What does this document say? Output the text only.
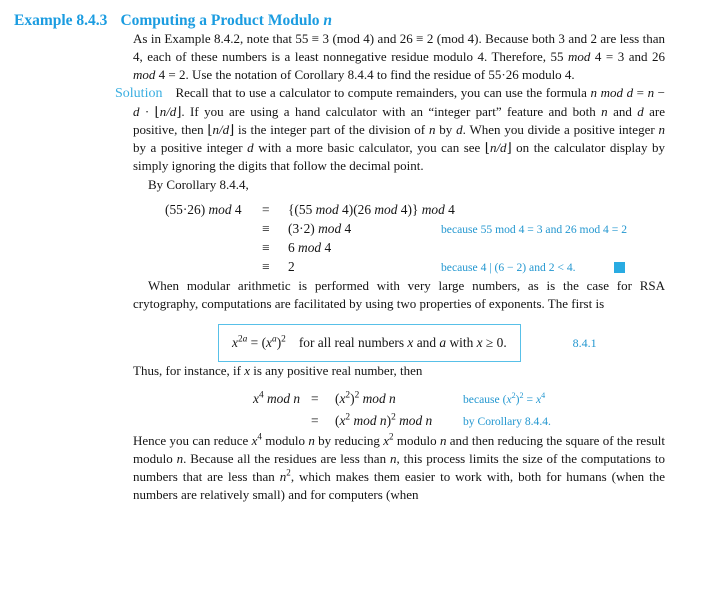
Example 8.4.3 Computing a Product Modulo n

As in Example 8.4.2, note that 55 ≡ 3 (mod 4) and 26 ≡ 2 (mod 4). Because both 3 and 2 are less than 4, each of these numbers is a least nonnegative residue modulo 4. Therefore, 55 mod 4 = 3 and 26 mod 4 = 2. Use the notation of Corollary 8.4.4 to find the residue of 55·26 modulo 4.

Solution Recall that to use a calculator to compute remainders, you can use the formula n mod d = n − d · ⌊n/d⌋. If you are using a hand calculator with an “integer part” feature and both n and d are positive, then ⌊n/d⌋ is the integer part of the division of n by d. When you divide a positive integer n by a positive integer d with a more basic calculator, you can see ⌊n/d⌋ on the calculator display by simply ignoring the digits that follow the decimal point.

By Corollary 8.4.4,

(55·26) mod 4	=	{(55 mod 4)(26 mod 4)} mod 4
≡	(3·2) mod 4	because 55 mod 4 = 3 and 26 mod 4 = 2
≡	6 mod 4
≡	2	because 4 | (6 − 2) and 2 < 4.

When modular arithmetic is performed with very large numbers, as is the case for RSA crytography, computations are facilitated by using two properties of exponents. The first is

$x^{2a} = (x^a)^2$ for all real numbers x and a with x ≥ 0.	8.4.1

Thus, for instance, if x is any positive real number, then

$x^4$ mod n =	$(x^2)^2$ mod n	because $(x^2)^2 = x^4$
=	($x^2$ mod n)$^2$ mod n	by Corollary 8.4.4.

Hence you can reduce $x^4$ modulo n by reducing $x^2$ modulo n and then reducing the square of the result modulo n. Because all the residues are less than n, this process limits the size of the computations to numbers that are less than $n^2$, which makes them easier to work with, both for humans (when the numbers are relatively small) and for computers (when
